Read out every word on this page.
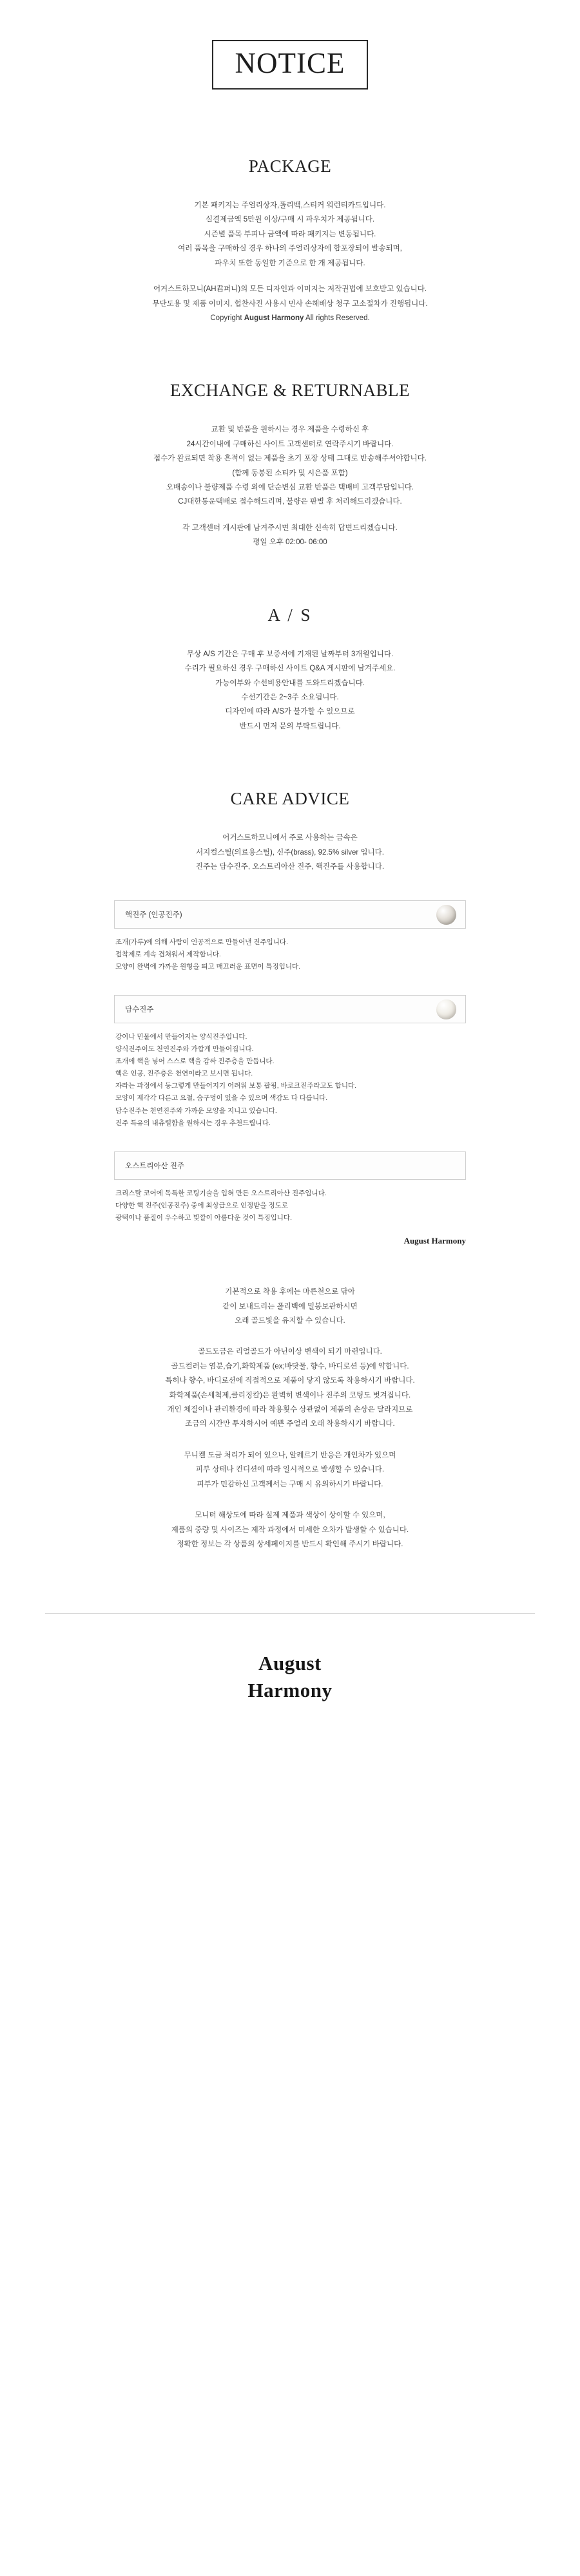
NOTICE
PACKAGE

기본 패키지는 주얼리상자,폴리백,스티커 워런티카드입니다.
실결제금액 5만원 이상/구매 시 파우치가 제공됩니다.
시즌별 품목 부피나 금액에 따라 패키지는 변동됩니다.
여러 품목을 구매하실 경우 하나의 주얼리상자에 합포장되어 발송되며,
파우치 또한 동일한 기준으로 한 개 제공됩니다.

어거스트하모니(AH君퍼니)의 모든 디자인과 이미지는 저작권법에 보호받고 있습니다.
무단도용 및 제품 이미지, 협찬사진 사용시 민사 손해배상 청구 고소절차가 진행됩니다.
Copyright August Harmony All rights Reserved.

EXCHANGE & RETURNABLE

교환 및 반품을 원하시는 경우 제품을 수령하신 후
24시간이내에 구매하신 사이트 고객센터로 연락주시기 바랍니다.
접수가 완료되면 착용 흔적이 없는 제품을 초기 포장 상태 그대로 반송해주셔야합니다.
(함께 동봉된 소티카 및 시은품 포함)
오배송이나 불량제품 수령 외에 단순변심 교환 반품은 택배비 고객부담입니다.
CJ대한통운택배로 접수해드리며, 불량은 판별 후 처리해드리겠습니다.

각 고객센터 게시판에 남겨주시면 최대한 신속히 답변드리겠습니다.
평일 오후 02:00- 06:00

A / S

무상 A/S 기간은 구매 후 보증서에 기재된 날짜부터 3개월입니다.
수리가 필요하신 경우 구매하신 사이트 Q&A 게시판에 남겨주세요.
가능여부와 수선비용안내를 도와드리겠습니다.
수선기간은 2~3주 소요됩니다.
디자인에 따라 A/S가 불가할 수 있으므로
반드시 먼저 문의 부탁드립니다.

CARE ADVICE

어거스트하모니에서 주로 사용하는 금속은
서지컬스틸(의료용스틸), 신주(brass), 92.5% silver 입니다.
진주는 담수진주, 오스트리아산 진주, 핵진주를 사용합니다.

핵진주 (인공진주)
조개(가루)에 의해 사람이 인공적으로 만들어낸 진주입니다.
접착제로 계속 겹쳐워서 제작합니다.
모양이 완벽에 가까운 원형을 띄고 매끄러운 표면이 특징입니다.
담수진주
강이나 민물에서 만들어지는 양식진주입니다.
양식진주이도 천연진주와 가깝게 만들어집니다.
조개에 핵을 넣어 스스로 핵을 감싸 진주층을 만듭니다.
핵은 인공, 진주층은 천연이라고 보시면 됩니다.
자라는 과정에서 둥그렇게 만들어지기 어려워 보통 팝핑, 바로크진주라고도 합니다.
모양이 제각각 다른고 요철, 숨구멍이 있을 수 있으며 색감도 다 다릅니다.
담수진주는 천연진주와 가까운 모양을 지니고 있습니다.
진주 특유의 내츄럴함을 원하시는 경우 추천드립니다.
오스트리아산 진주
크리스탈 코어에 독특한 코팅기술을 입혀 만든 오스트리아산 진주입니다.
다양한 핵 진주(인공진주) 중에 최상급으로 인정받을 정도로
광택이나 품질이 우수하고 빛깔이 아름다운 것이 특징입니다.
August Harmony

기본적으로 착용 후에는 마른천으로 닦아
같이 보내드리는 폴리백에 밀봉보관하시면
오래 골드빛을 유지할 수 있습니다.

골드도금은 리얼골드가 아닌이상 변색이 되기 마련입니다.
골드컬러는 염분,습기,화학제품 (ex;바닷물, 향수, 바디로션 등)에 약합니다.
특히나 향수, 바디로션에 직접적으로 제품이 닿지 않도록 착용하시기 바랍니다.
화학제품(손세척제,클리징칼)은 완벽히 변색이나 진주의 코팅도 벗겨집니다.
개인 체질이나 관리환경에 따라 착용횟수 상관없이 제품의 손상은 달라지므로
조금의 시간만 투자하시어 예쁜 주얼리 오래 착용하시기 바랍니다.

무니켈 도금 처리가 되어 있으나, 알레르기 반응은 개인차가 있으며
피부 상태나 컨디션에 따라 일시적으로 발생할 수 있습니다.
피부가 민감하신 고객께서는 구매 시 유의하시기 바랍니다.

모니터 해상도에 따라 실제 제품과 색상이 상이할 수 있으며,
제품의 중량 및 사이즈는 제작 과정에서 미세한 오차가 발생할 수 있습니다.
정확한 정보는 각 상품의 상세페이지를 반드시 확인해 주시기 바랍니다.

August
Harmony
